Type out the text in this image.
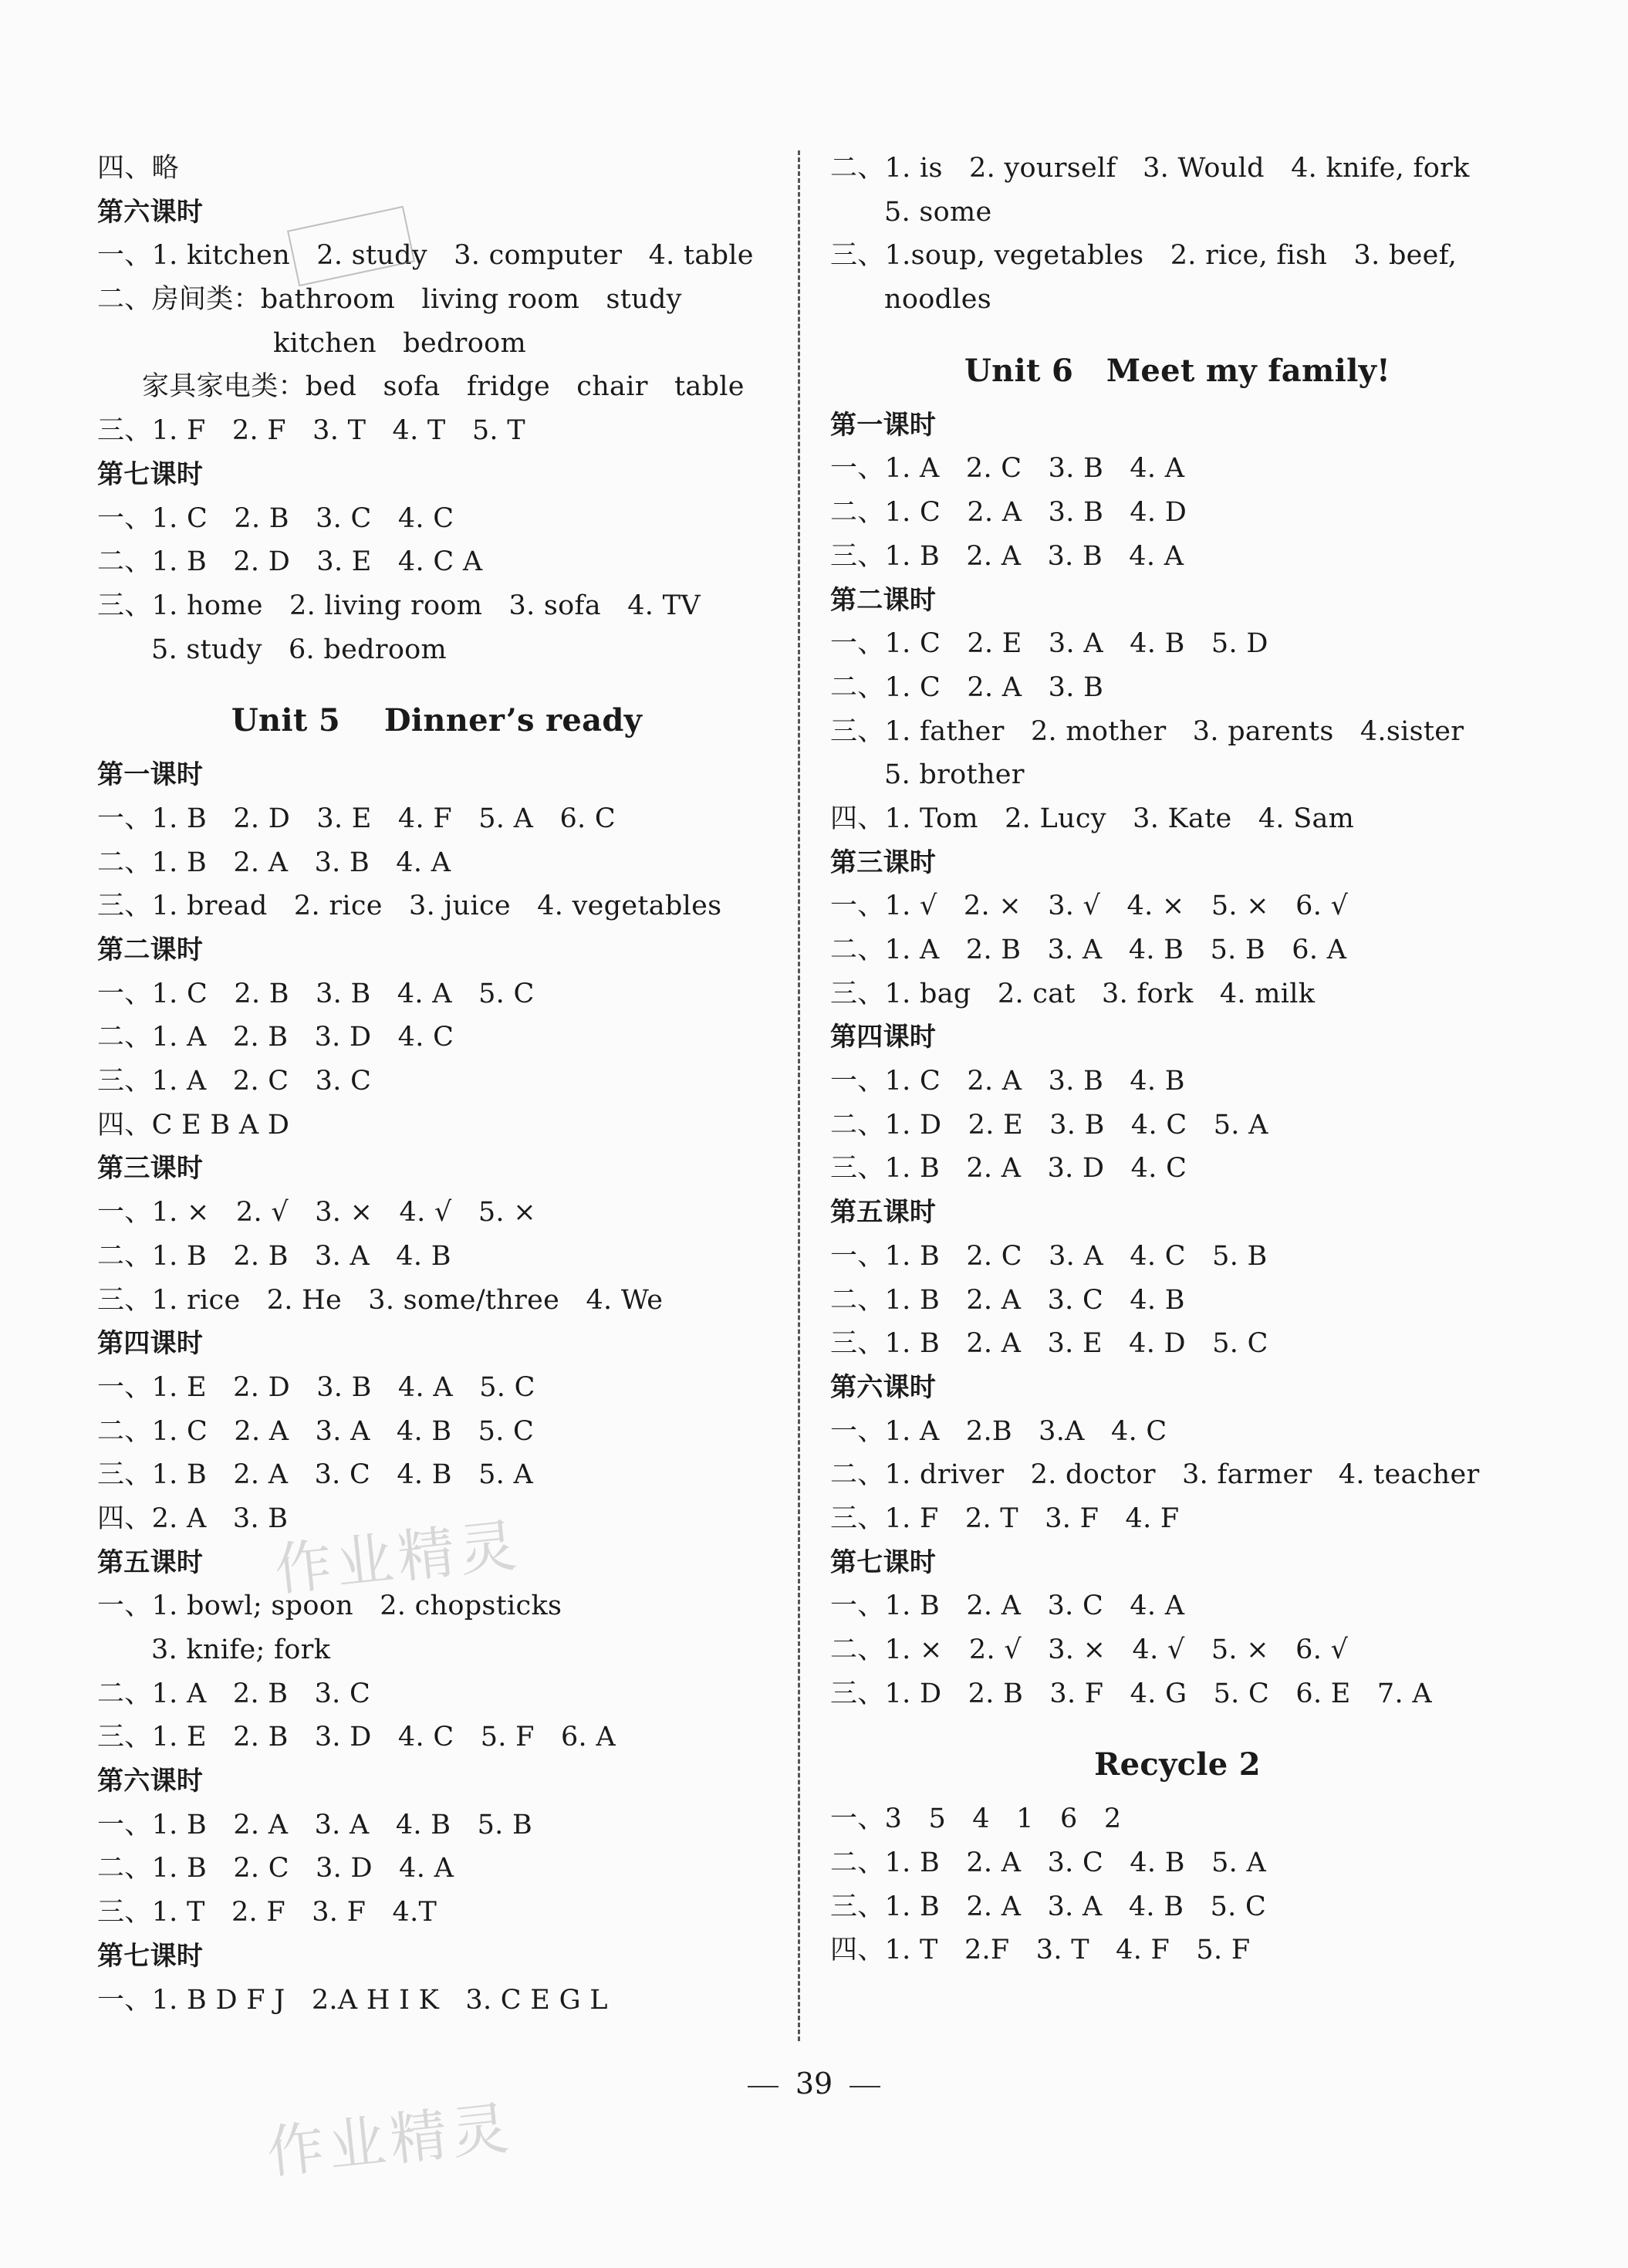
四、略
第六课时
一、1. kitchen   2. study   3. computer   4. table
二、房间类：bathroom   living room   study
kitchen   bedroom
家具家电类：bed   sofa   fridge   chair   table
三、1. F   2. F   3. T   4. T   5. T
第七课时
一、1. C   2. B   3. C   4. C
二、1. B   2. D   3. E   4. C A
三、1. home   2. living room   3. sofa   4. TV
5. study   6. bedroom
Unit 5    Dinner’s ready
第一课时
一、1. B   2. D   3. E   4. F   5. A   6. C
二、1. B   2. A   3. B   4. A
三、1. bread   2. rice   3. juice   4. vegetables
第二课时
一、1. C   2. B   3. B   4. A   5. C
二、1. A   2. B   3. D   4. C
三、1. A   2. C   3. C
四、C E B A D
第三课时
一、1. ×   2. √   3. ×   4. √   5. ×
二、1. B   2. B   3. A   4. B
三、1. rice   2. He   3. some/three   4. We
第四课时
一、1. E   2. D   3. B   4. A   5. C
二、1. C   2. A   3. A   4. B   5. C
三、1. B   2. A   3. C   4. B   5. A
四、2. A   3. B
第五课时
一、1. bowl; spoon   2. chopsticks
3. knife; fork
二、1. A   2. B   3. C
三、1. E   2. B   3. D   4. C   5. F   6. A
第六课时
一、1. B   2. A   3. A   4. B   5. B
二、1. B   2. C   3. D   4. A
三、1. T   2. F   3. F   4.T
第七课时
一、1. B D F J   2.A H I K   3. C E G L
二、1. is   2. yourself   3. Would   4. knife, fork
5. some
三、1.soup, vegetables   2. rice, fish   3. beef,
noodles
Unit 6   Meet my family!
第一课时
一、1. A   2. C   3. B   4. A
二、1. C   2. A   3. B   4. D
三、1. B   2. A   3. B   4. A
第二课时
一、1. C   2. E   3. A   4. B   5. D
二、1. C   2. A   3. B
三、1. father   2. mother   3. parents   4.sister
5. brother
四、1. Tom   2. Lucy   3. Kate   4. Sam
第三课时
一、1. √   2. ×   3. √   4. ×   5. ×   6. √
二、1. A   2. B   3. A   4. B   5. B   6. A
三、1. bag   2. cat   3. fork   4. milk
第四课时
一、1. C   2. A   3. B   4. B
二、1. D   2. E   3. B   4. C   5. A
三、1. B   2. A   3. D   4. C
第五课时
一、1. B   2. C   3. A   4. C   5. B
二、1. B   2. A   3. C   4. B
三、1. B   2. A   3. E   4. D   5. C
第六课时
一、1. A   2.B   3.A   4. C
二、1. driver   2. doctor   3. farmer   4. teacher
三、1. F   2. T   3. F   4. F
第七课时
一、1. B   2. A   3. C   4. A
二、1. ×   2. √   3. ×   4. √   5. ×   6. √
三、1. D   2. B   3. F   4. G   5. C   6. E   7. A
Recycle 2
一、3   5   4   1   6   2
二、1. B   2. A   3. C   4. B   5. A
三、1. B   2. A   3. A   4. B   5. C
四、1. T   2.F   3. T   4. F   5. F
作业精灵
作业精灵
39
